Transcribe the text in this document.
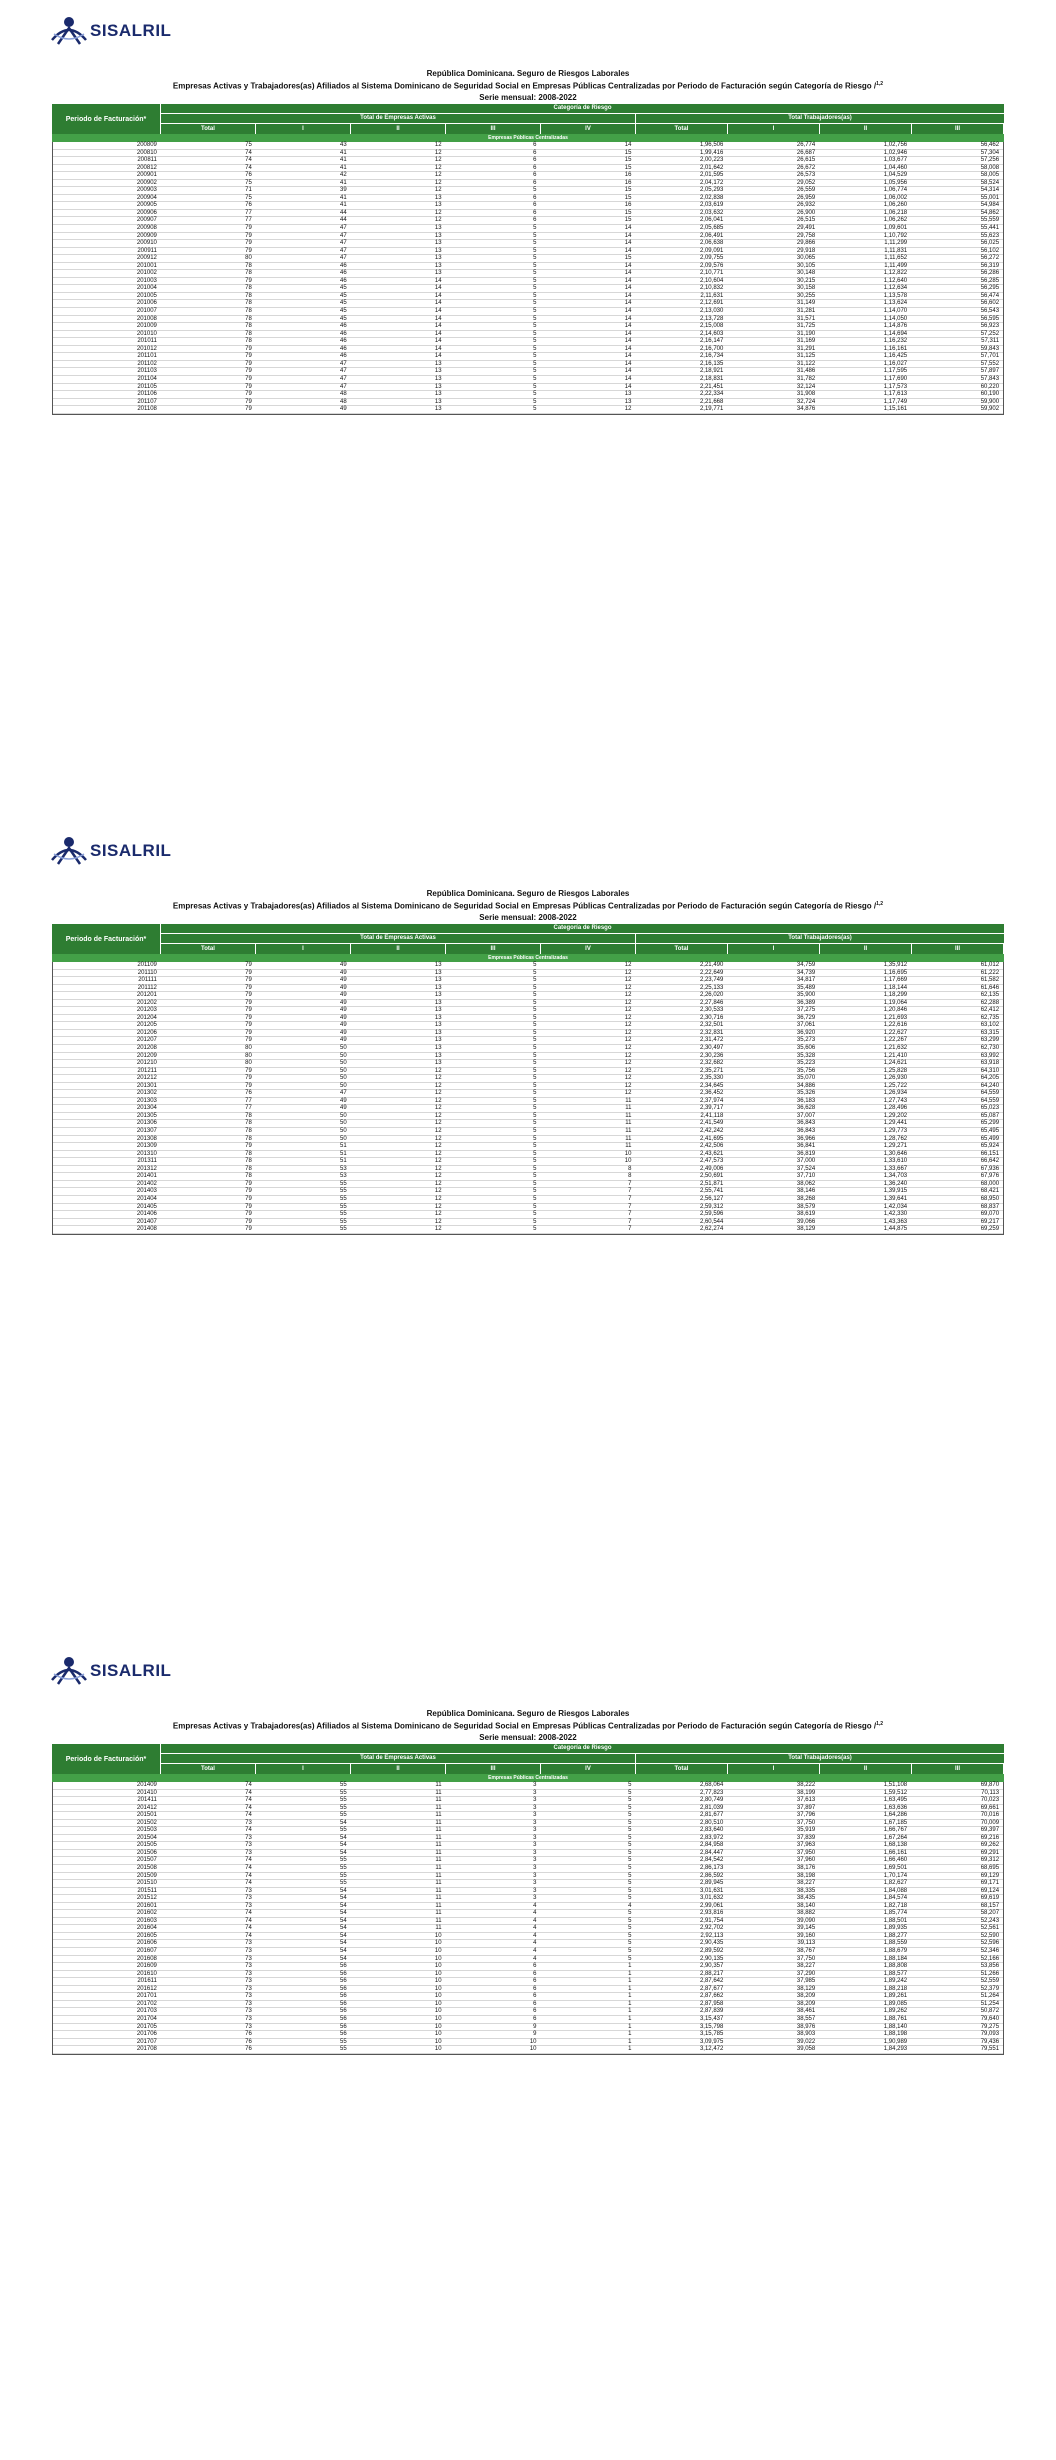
SISALRIL
República Dominicana. Seguro de Riesgos Laborales
Empresas Activas y Trabajadores(as) Afiliados al Sistema Dominicano de Seguridad Social en Empresas Públicas Centralizadas por Periodo de Facturación según Categoría de Riesgo /$^{1,2}$
Serie mensual: 2008-2022
Periodo de Facturación*
Categoría de Riesgo
Total de Empresas Activas	Total Trabajadores(as)
Total	I	II	III	IV	Total	I	II	III
Empresas Públicas Centralizadas
200809	75	43	12	6	14	1,96,506	26,774	1,02,756	56,462
200810	74	41	12	6	15	1,99,416	26,687	1,02,946	57,304
200811	74	41	12	6	15	2,00,223	26,615	1,03,677	57,256
200812	74	41	12	6	15	2,01,642	26,672	1,04,460	58,008
200901	76	42	12	6	16	2,01,595	26,573	1,04,529	58,005
200902	75	41	12	6	16	2,04,172	29,052	1,05,956	58,524
200903	71	39	12	5	15	2,05,293	26,559	1,06,774	54,314
200904	75	41	13	6	15	2,02,838	26,959	1,06,002	55,001
200905	76	41	13	6	16	2,03,619	26,932	1,06,260	54,984
200906	77	44	12	6	15	2,03,632	26,900	1,06,218	54,862
200907	77	44	12	6	15	2,06,041	26,515	1,06,262	55,559
200908	79	47	13	5	14	2,05,685	29,491	1,09,601	55,441
200909	79	47	13	5	14	2,06,491	29,758	1,10,792	55,623
200910	79	47	13	5	14	2,06,638	29,866	1,11,299	56,025
200911	79	47	13	5	14	2,09,091	29,918	1,11,831	56,102
200912	80	47	13	5	15	2,09,755	30,065	1,11,652	56,272
201001	78	46	13	5	14	2,09,576	30,105	1,11,499	56,319
201002	78	46	13	5	14	2,10,771	30,148	1,12,822	56,286
201003	79	46	14	5	14	2,10,604	30,215	1,12,640	56,285
201004	78	45	14	5	14	2,10,832	30,158	1,12,634	56,295
201005	78	45	14	5	14	2,11,631	30,255	1,13,578	56,474
201006	78	45	14	5	14	2,12,691	31,149	1,13,624	56,602
201007	78	45	14	5	14	2,13,030	31,281	1,14,070	56,543
201008	78	45	14	5	14	2,13,728	31,571	1,14,050	56,595
201009	78	46	14	5	14	2,15,008	31,725	1,14,876	56,923
201010	78	46	14	5	14	2,14,603	31,190	1,14,694	57,252
201011	78	46	14	5	14	2,16,147	31,169	1,16,232	57,311
201012	79	46	14	5	14	2,16,700	31,291	1,16,161	59,843
201101	79	46	14	5	14	2,16,734	31,125	1,16,425	57,701
201102	79	47	13	5	14	2,16,135	31,122	1,16,027	57,552
201103	79	47	13	5	14	2,18,921	31,486	1,17,595	57,897
201104	79	47	13	5	14	2,18,831	31,782	1,17,690	57,843
201105	79	47	13	5	14	2,21,451	32,124	1,17,573	60,220
201106	79	48	13	5	13	2,22,334	31,908	1,17,613	60,190
201107	79	48	13	5	13	2,21,668	32,724	1,17,749	59,900
201108	79	49	13	5	12	2,19,771	34,876	1,15,161	59,902
SISALRIL
República Dominicana. Seguro de Riesgos Laborales
Empresas Activas y Trabajadores(as) Afiliados al Sistema Dominicano de Seguridad Social en Empresas Públicas Centralizadas por Periodo de Facturación según Categoría de Riesgo /$^{1,2}$
Serie mensual: 2008-2022
Periodo de Facturación*
Categoría de Riesgo
Total de Empresas Activas	Total Trabajadores(as)
Total	I	II	III	IV	Total	I	II	III
Empresas Públicas Centralizadas
201109	79	49	13	5	12	2,21,490	34,759	1,35,912	61,012
201110	79	49	13	5	12	2,22,649	34,739	1,16,695	61,222
201111	79	49	13	5	12	2,23,749	34,817	1,17,669	61,582
201112	79	49	13	5	12	2,25,133	35,489	1,18,144	61,646
201201	79	49	13	5	12	2,26,020	35,900	1,18,299	62,135
201202	79	49	13	5	12	2,27,846	36,389	1,19,064	62,288
201203	79	49	13	5	12	2,30,533	37,275	1,20,846	62,412
201204	79	49	13	5	12	2,30,716	36,729	1,21,693	62,735
201205	79	49	13	5	12	2,32,501	37,061	1,22,616	63,102
201206	79	49	13	5	12	2,32,831	36,920	1,22,627	63,315
201207	79	49	13	5	12	2,31,472	35,273	1,22,267	63,299
201208	80	50	13	5	12	2,30,497	35,606	1,21,632	62,730
201209	80	50	13	5	12	2,30,236	35,328	1,21,410	63,992
201210	80	50	13	5	12	2,32,682	35,223	1,24,621	63,918
201211	79	50	12	5	12	2,35,271	35,756	1,25,828	64,310
201212	79	50	12	5	12	2,35,330	35,070	1,26,930	64,205
201301	79	50	12	5	12	2,34,645	34,886	1,25,722	64,240
201302	76	47	12	5	12	2,36,452	35,326	1,26,934	64,559
201303	77	49	12	5	11	2,37,974	36,183	1,27,743	64,559
201304	77	49	12	5	11	2,39,717	36,628	1,28,496	65,023
201305	78	50	12	5	11	2,41,118	37,007	1,29,202	65,087
201306	78	50	12	5	11	2,41,549	36,843	1,29,441	65,299
201307	78	50	12	5	11	2,42,242	36,843	1,29,773	65,495
201308	78	50	12	5	11	2,41,695	36,966	1,28,762	65,499
201309	79	51	12	5	11	2,42,506	36,841	1,29,271	65,924
201310	78	51	12	5	10	2,43,621	36,819	1,30,646	66,151
201311	78	51	12	5	10	2,47,573	37,000	1,33,610	66,642
201312	78	53	12	5	8	2,49,006	37,524	1,33,667	67,936
201401	78	53	12	5	8	2,50,691	37,710	1,34,703	67,976
201402	79	55	12	5	7	2,51,871	38,062	1,36,240	68,000
201403	79	55	12	5	7	2,55,741	38,146	1,39,915	68,421
201404	79	55	12	5	7	2,56,127	38,268	1,39,641	68,950
201405	79	55	12	5	7	2,59,312	38,579	1,42,034	68,837
201406	79	55	12	5	7	2,59,596	38,619	1,42,330	69,070
201407	79	55	12	5	7	2,60,544	39,066	1,43,363	69,217
201408	79	55	12	5	7	2,62,274	38,129	1,44,875	69,259
SISALRIL
República Dominicana. Seguro de Riesgos Laborales
Empresas Activas y Trabajadores(as) Afiliados al Sistema Dominicano de Seguridad Social en Empresas Públicas Centralizadas por Periodo de Facturación según Categoría de Riesgo /$^{1,2}$
Serie mensual: 2008-2022
Periodo de Facturación*
Categoría de Riesgo
Total de Empresas Activas	Total Trabajadores(as)
Total	I	II	III	IV	Total	I	II	III
Empresas Públicas Centralizadas
201409	74	55	11	3	5	2,68,064	38,222	1,51,108	69,870
201410	74	55	11	3	5	2,77,823	38,199	1,59,512	70,113
201411	74	55	11	3	5	2,80,749	37,613	1,63,495	70,023
201412	74	55	11	3	5	2,81,039	37,897	1,63,636	69,661
201501	74	55	11	3	5	2,81,677	37,796	1,64,286	70,016
201502	73	54	11	3	5	2,80,510	37,750	1,67,185	70,009
201503	74	55	11	3	5	2,83,640	35,919	1,66,767	69,397
201504	73	54	11	3	5	2,83,972	37,839	1,67,264	69,216
201505	73	54	11	3	5	2,84,958	37,963	1,68,138	69,262
201506	73	54	11	3	5	2,84,447	37,950	1,66,161	69,291
201507	74	55	11	3	5	2,84,542	37,960	1,66,460	69,312
201508	74	55	11	3	5	2,86,173	38,176	1,69,501	68,695
201509	74	55	11	3	5	2,86,592	38,198	1,70,174	69,129
201510	74	55	11	3	5	2,89,945	38,227	1,82,627	69,171
201511	73	54	11	3	5	3,01,631	38,335	1,84,088	69,124
201512	73	54	11	3	5	3,01,632	38,435	1,84,574	69,619
201601	73	54	11	4	4	2,99,061	38,140	1,82,718	68,157
201602	74	54	11	4	5	2,93,816	38,882	1,85,774	58,207
201603	74	54	11	4	5	2,91,754	39,090	1,88,501	52,243
201604	74	54	11	4	5	2,92,702	39,145	1,89,935	52,561
201605	74	54	10	4	5	2,92,113	39,160	1,88,277	52,590
201606	73	54	10	4	5	2,90,435	39,113	1,88,559	52,596
201607	73	54	10	4	5	2,89,592	38,767	1,88,679	52,346
201608	73	54	10	4	5	2,90,135	37,750	1,88,184	52,166
201609	73	56	10	6	1	2,90,357	38,227	1,88,808	53,856
201610	73	56	10	6	1	2,88,217	37,290	1,88,577	51,266
201611	73	56	10	6	1	2,87,642	37,985	1,89,242	52,559
201612	73	56	10	6	1	2,87,677	38,129	1,88,218	52,379
201701	73	56	10	6	1	2,87,662	38,209	1,89,261	51,264
201702	73	56	10	6	1	2,87,958	38,209	1,89,085	51,254
201703	73	56	10	6	1	2,87,839	38,461	1,89,262	50,872
201704	73	56	10	6	1	3,15,437	38,557	1,88,761	79,640
201705	73	56	10	9	1	3,15,798	38,976	1,88,140	79,275
201706	76	56	10	9	1	3,15,785	38,903	1,88,198	79,093
201707	76	55	10	10	1	3,09,975	39,022	1,90,989	79,436
201708	76	55	10	10	1	3,12,472	39,058	1,84,293	79,551
